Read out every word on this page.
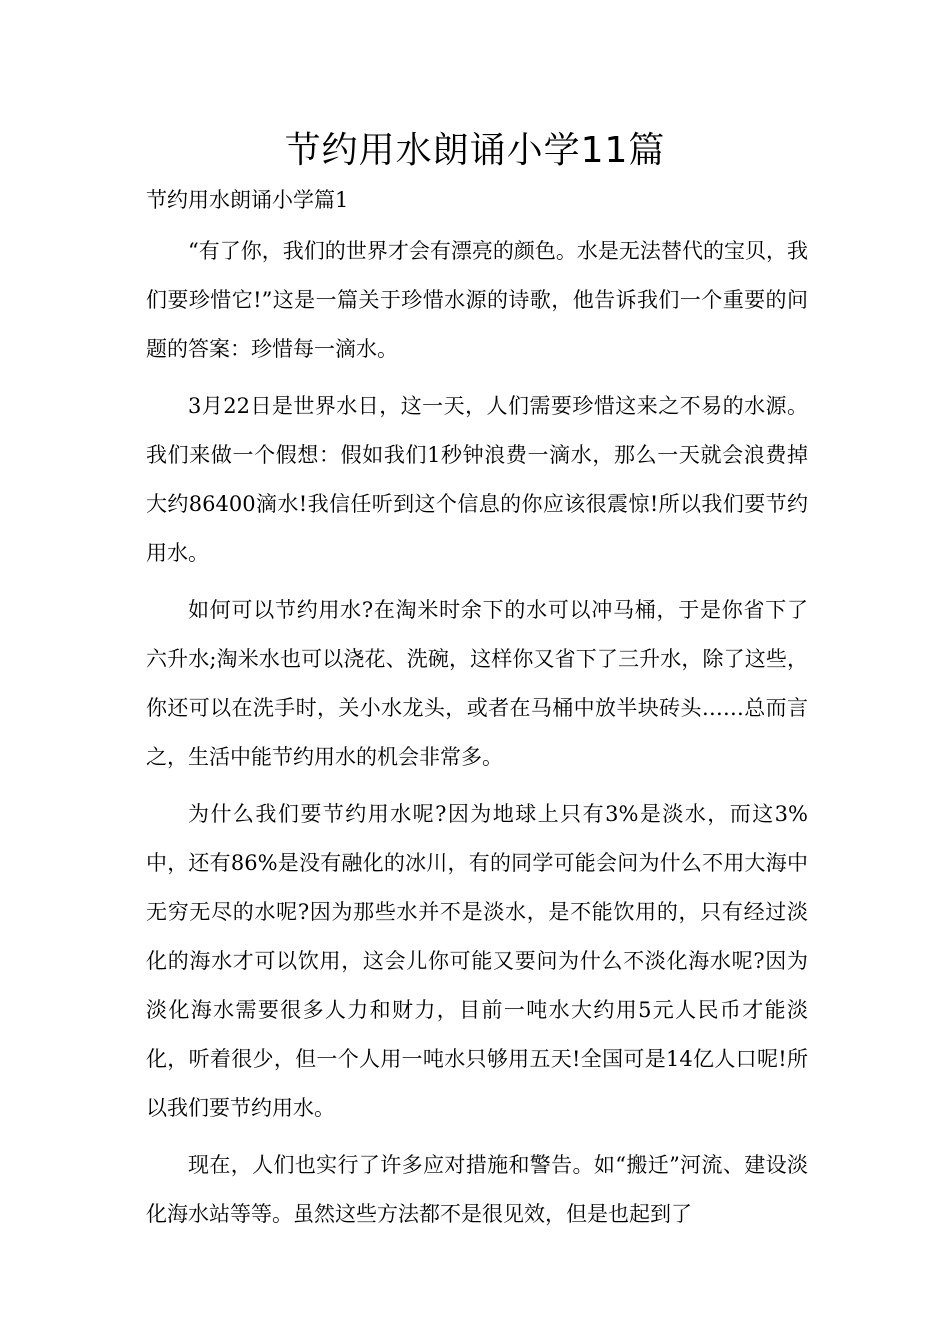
节约用水朗诵小学11篇

节约用水朗诵小学篇1

“有了你，我们的世界才会有漂亮的颜色。水是无法替代的宝贝，我们要珍惜它!”这是一篇关于珍惜水源的诗歌，他告诉我们一个重要的问题的答案：珍惜每一滴水。

3月22日是世界水日，这一天，人们需要珍惜这来之不易的水源。我们来做一个假想：假如我们1秒钟浪费一滴水，那么一天就会浪费掉大约86400滴水!我信任听到这个信息的你应该很震惊!所以我们要节约用水。

如何可以节约用水?在淘米时余下的水可以冲马桶，于是你省下了六升水;淘米水也可以浇花、洗碗，这样你又省下了三升水，除了这些，你还可以在洗手时，关小水龙头，或者在马桶中放半块砖头……总而言之，生活中能节约用水的机会非常多。

为什么我们要节约用水呢?因为地球上只有3%是淡水，而这3%中，还有86%是没有融化的冰川，有的同学可能会问为什么不用大海中无穷无尽的水呢?因为那些水并不是淡水，是不能饮用的，只有经过淡化的海水才可以饮用，这会儿你可能又要问为什么不淡化海水呢?因为淡化海水需要很多人力和财力，目前一吨水大约用5元人民币才能淡化，听着很少，但一个人用一吨水只够用五天!全国可是14亿人口呢!所以我们要节约用水。

现在，人们也实行了许多应对措施和警告。如“搬迁”河流、建设淡化海水站等等。虽然这些方法都不是很见效，但是也起到了
